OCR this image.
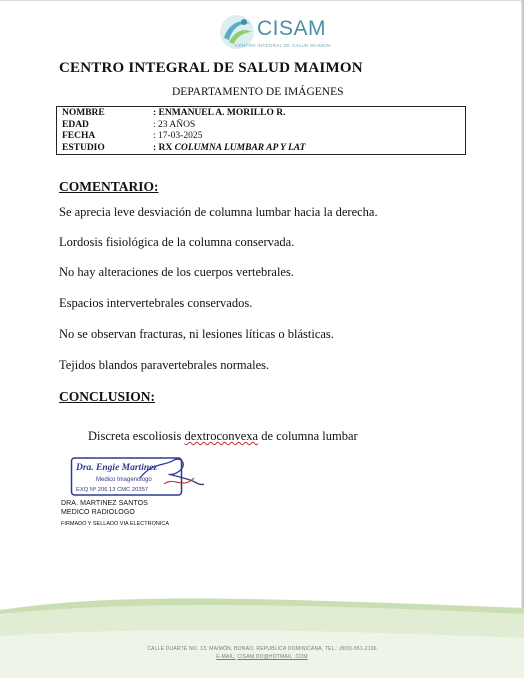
CISAM
CENTRO INTEGRAL DE SALUD MAIMON
CENTRO INTEGRAL DE SALUD MAIMON
DEPARTAMENTO DE IMÁGENES
NOMBRE	: ENMANUEL A. MORILLO R.
EDAD	: 23 AÑOS
FECHA	: 17-03-2025
ESTUDIO	: RX COLUMNA LUMBAR AP Y LAT
COMENTARIO:
Se aprecia leve desviación de columna lumbar hacia la derecha.
Lordosis fisiológica de la columna conservada.
No hay alteraciones de los cuerpos vertebrales.
Espacios intervertebrales conservados.
No se observan fracturas, ni lesiones líticas o blásticas.
Tejidos blandos paravertebrales normales.
CONCLUSION:
Discreta escoliosis dextroconvexa de columna lumbar
Dra. Engie Martinez
Medico Imagenologo
EXQ Nº 206 13 CMC 20357
DRA. MARTINEZ SANTOS
MEDICO RADIOLOGO
FIRMADO Y SELLADO VIA ELECTRONICA
CALLE DUARTE NO. 13, MAIMÓN, BONAO, REPUBLICA DOMINICANA, TEL.: (809)-551-2106
E-MAIL: CISAM.DO@HOTMAIL .COM
